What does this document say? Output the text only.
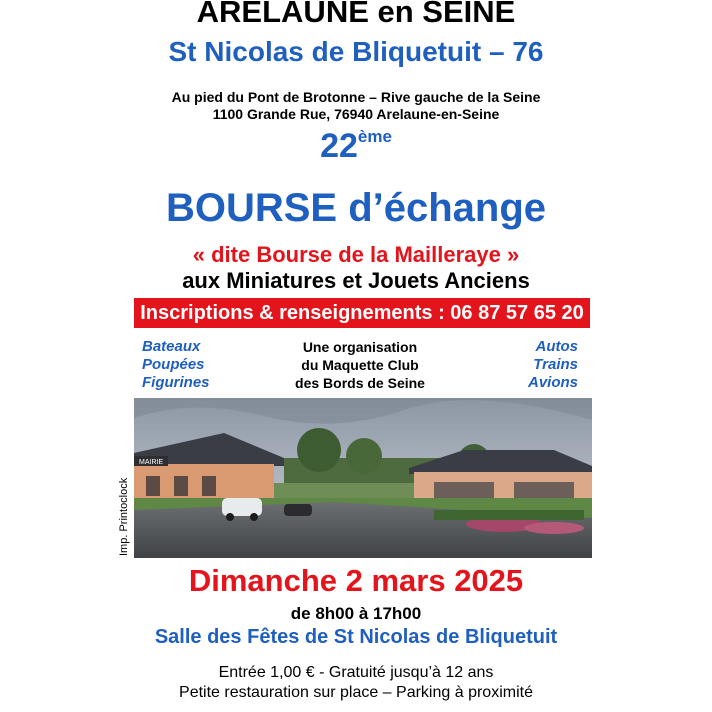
ARELAUNE en SEINE
St Nicolas de Bliquetuit – 76
Au pied du Pont de Brotonne – Rive gauche de la Seine
1100 Grande Rue, 76940 Arelaune-en-Seine
22ème
BOURSE d’échange
« dite Bourse de la Mailleraye »
aux Miniatures et Jouets Anciens
Inscriptions & renseignements : 06 87 57 65 20
Bateaux
Poupées
Figurines
Une organisation
du Maquette Club
des Bords de Seine
Autos
Trains
Avions
MAIRIE
Imp. Printoclock
Dimanche 2 mars 2025
de 8h00 à 17h00
Salle des Fêtes de St Nicolas de Bliquetuit
Entrée 1,00 € - Gratuité jusqu’à 12 ans
Petite restauration sur place – Parking à proximité
